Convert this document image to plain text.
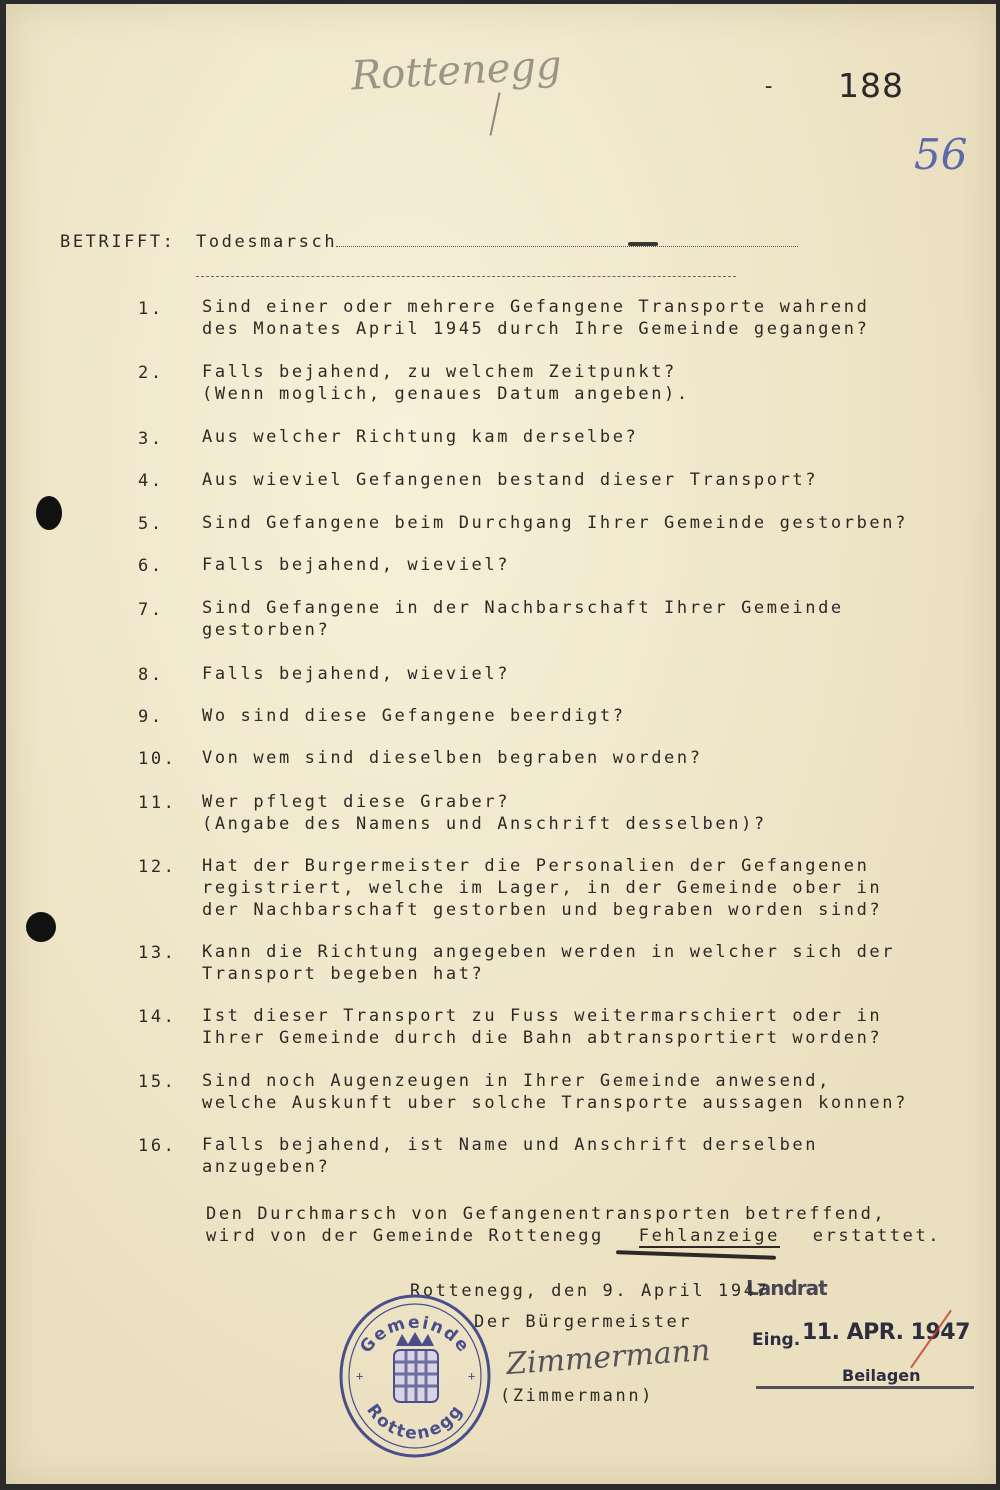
Rottenegg	- 188
56
BETRIFFT: Todesmarsch
1.	Sind einer oder mehrere Gefangene Transporte wahrend
des Monates April 1945 durch Ihre Gemeinde gegangen?
2.	Falls bejahend, zu welchem Zeitpunkt?
(Wenn moglich, genaues Datum angeben).
3.	Aus welcher Richtung kam derselbe?
4.	Aus wieviel Gefangenen bestand dieser Transport?
5.	Sind Gefangene beim Durchgang Ihrer Gemeinde gestorben?
6.	Falls bejahend, wieviel?
7.	Sind Gefangene in der Nachbarschaft Ihrer Gemeinde
gestorben?
8.	Falls bejahend, wieviel?
9.	Wo sind diese Gefangene beerdigt?
10. Von wem sind dieselben begraben worden?
11. Wer pflegt diese Graber?
(Angabe des Namens und Anschrift desselben)?
12. Hat der Burgermeister die Personalien der Gefangenen
registriert, welche im Lager, in der Gemeinde ober in
der Nachbarschaft gestorben und begraben worden sind?
13. Kann die Richtung angegeben werden in welcher sich der
Transport begeben hat?
14. Ist dieser Transport zu Fuss weitermarschiert oder in
Ihrer Gemeinde durch die Bahn abtransportiert worden?
15. Sind noch Augenzeugen in Ihrer Gemeinde anwesend,
welche Auskunft uber solche Transporte aussagen konnen?
16. Falls bejahend, ist Name und Anschrift derselben
anzugeben?
Den Durchmarsch von Gefangenentransporten betreffend,
wird von der Gemeinde Rottenegg Fehlanzeige erstattet.
Rottenegg, den 9. April 1947
Der Bürgermeister
Zimmermann
(Zimmermann)
Gemeinde
Rottenegg
+	+
Landrat
Eing. 11. APR. 1947
Beilagen
